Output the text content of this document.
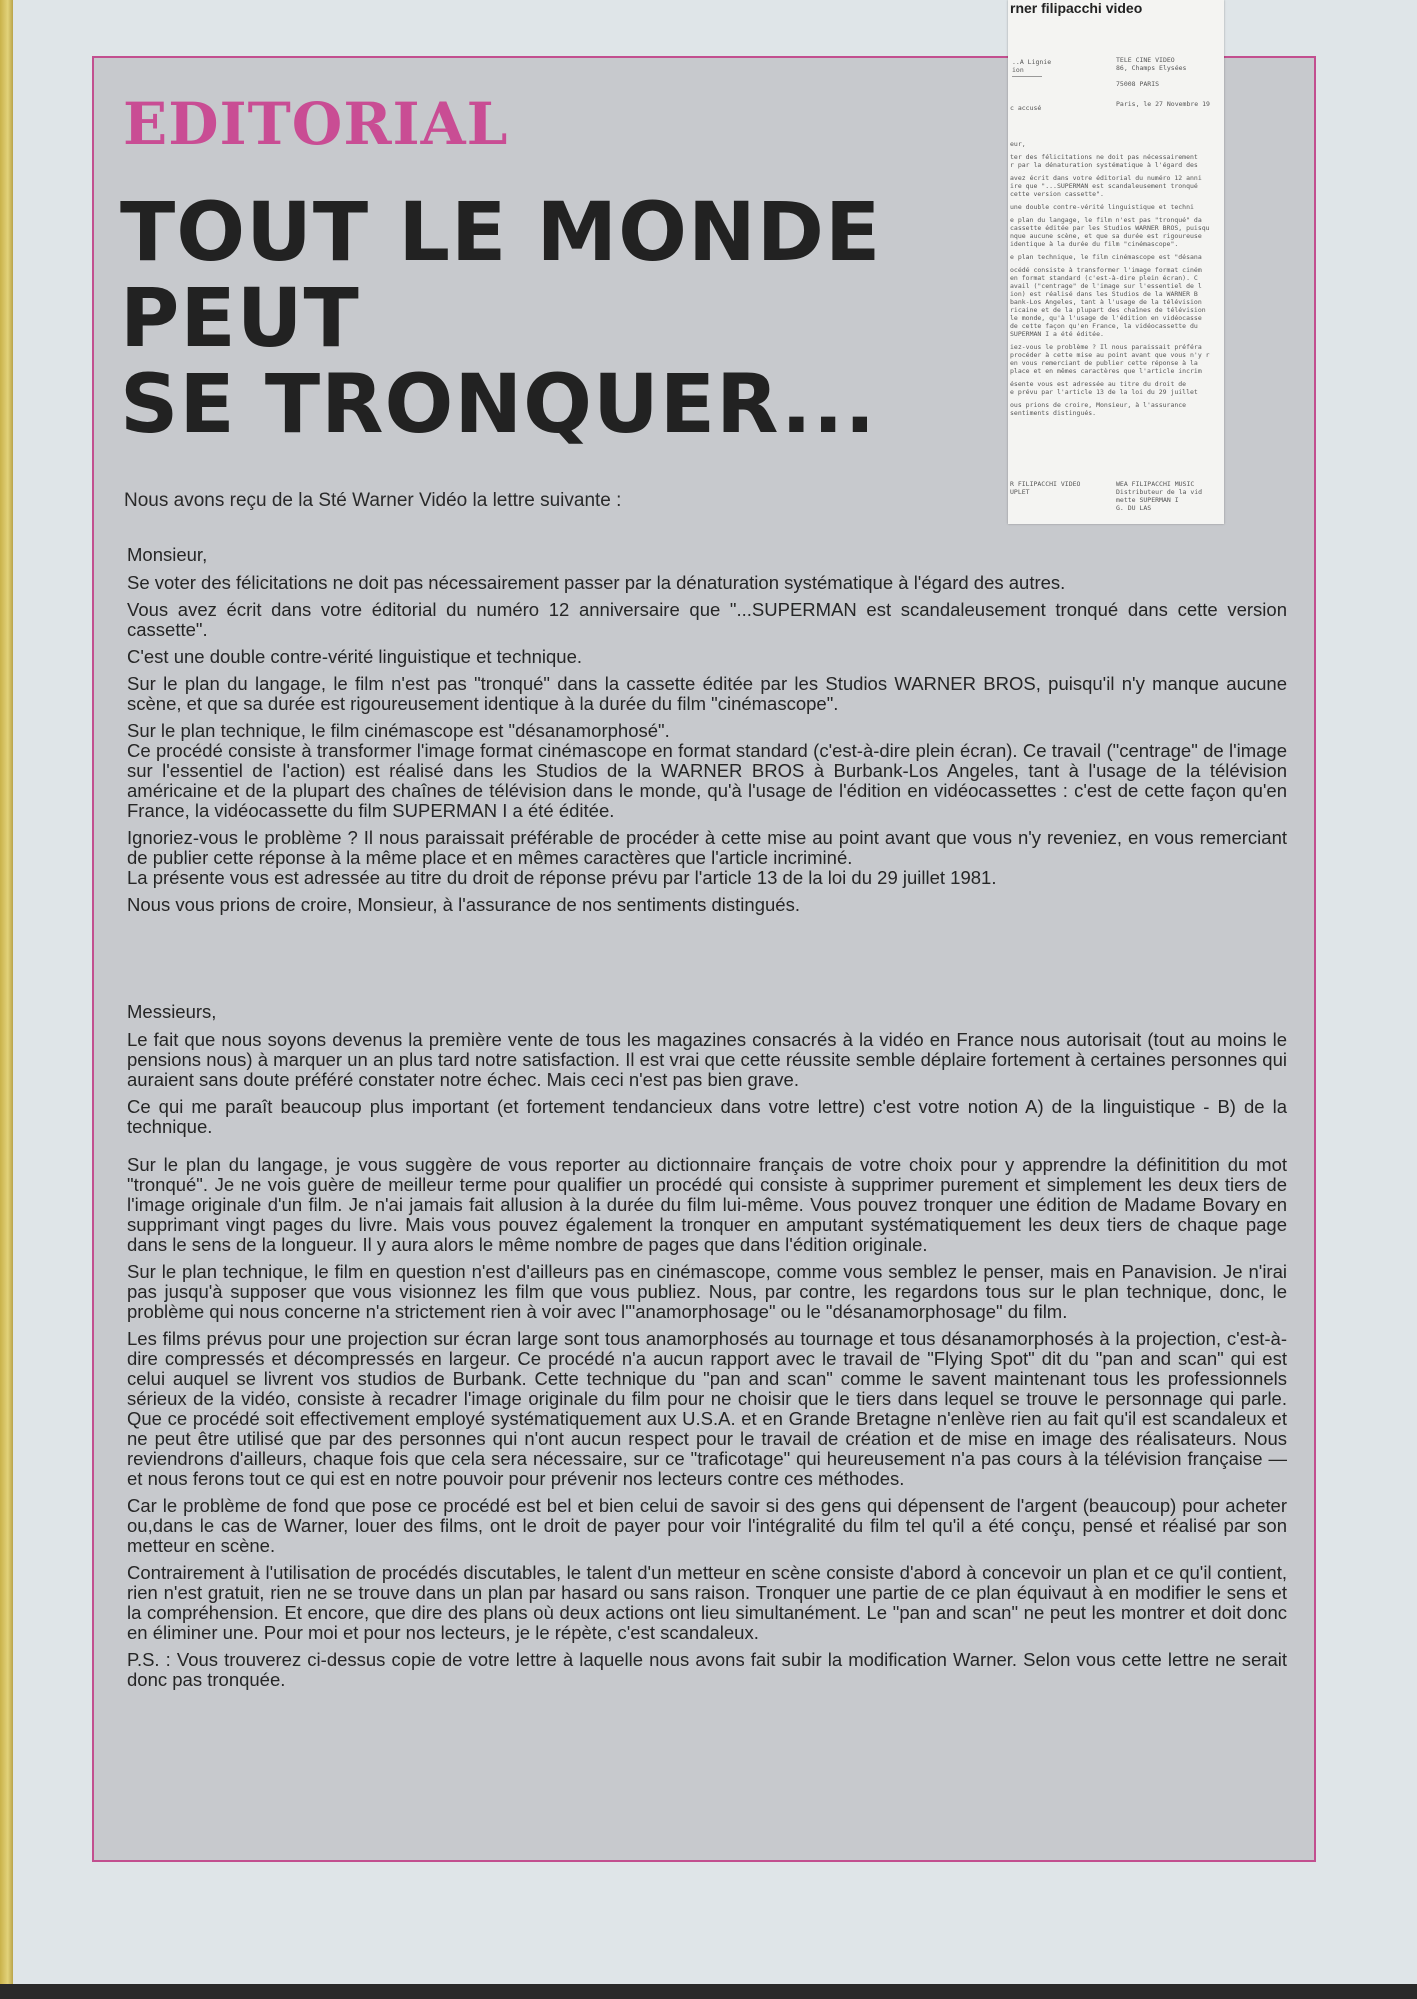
EDITORIAL
TOUT LE MONDE
PEUT
SE TRONQUER...
Nous avons reçu de la Sté Warner Vidéo la lettre suivante :

Monsieur,

Se voter des félicitations ne doit pas nécessairement passer par la dénaturation systématique à l'égard des autres.

Vous avez écrit dans votre éditorial du numéro 12 anniversaire que "...SUPERMAN est scandaleusement tronqué dans cette version cassette".

C'est une double contre-vérité linguistique et technique.

Sur le plan du langage, le film n'est pas "tronqué" dans la cassette éditée par les Studios WARNER BROS, puisqu'il n'y manque aucune scène, et que sa durée est rigoureusement identique à la durée du film "cinémascope".

Sur le plan technique, le film cinémascope est "désanamorphosé".

Ce procédé consiste à transformer l'image format cinémascope en format standard (c'est-à-dire plein écran). Ce travail ("centrage" de l'image sur l'essentiel de l'action) est réalisé dans les Studios de la WARNER BROS à Burbank-Los Angeles, tant à l'usage de la télévision américaine et de la plupart des chaînes de télévision dans le monde, qu'à l'usage de l'édition en vidéocassettes : c'est de cette façon qu'en France, la vidéocassette du film SUPERMAN I a été éditée.

Ignoriez-vous le problème ? Il nous paraissait préférable de procéder à cette mise au point avant que vous n'y reveniez, en vous remerciant de publier cette réponse à la même place et en mêmes caractères que l'article incriminé.

La présente vous est adressée au titre du droit de réponse prévu par l'article 13 de la loi du 29 juillet 1981.

Nous vous prions de croire, Monsieur, à l'assurance de nos sentiments distingués.

Messieurs,

Le fait que nous soyons devenus la première vente de tous les magazines consacrés à la vidéo en France nous autorisait (tout au moins le pensions nous) à marquer un an plus tard notre satisfaction. Il est vrai que cette réussite semble déplaire fortement à certaines personnes qui auraient sans doute préféré constater notre échec. Mais ceci n'est pas bien grave.

Ce qui me paraît beaucoup plus important (et fortement tendancieux dans votre lettre) c'est votre notion A) de la linguistique - B) de la technique.

Sur le plan du langage, je vous suggère de vous reporter au dictionnaire français de votre choix pour y apprendre la définitition du mot "tronqué". Je ne vois guère de meilleur terme pour qualifier un procédé qui consiste à supprimer purement et simplement les deux tiers de l'image originale d'un film. Je n'ai jamais fait allusion à la durée du film lui-même. Vous pouvez tronquer une édition de Madame Bovary en supprimant vingt pages du livre. Mais vous pouvez également la tronquer en amputant systématiquement les deux tiers de chaque page dans le sens de la longueur. Il y aura alors le même nombre de pages que dans l'édition originale.

Sur le plan technique, le film en question n'est d'ailleurs pas en cinémascope, comme vous semblez le penser, mais en Panavision. Je n'irai pas jusqu'à supposer que vous visionnez les film que vous publiez. Nous, par contre, les regardons tous sur le plan technique, donc, le problème qui nous concerne n'a strictement rien à voir avec l'"anamorphosage" ou le "désanamorphosage" du film.

Les films prévus pour une projection sur écran large sont tous anamorphosés au tournage et tous désanamorphosés à la projection, c'est-à-dire compressés et décompressés en largeur. Ce procédé n'a aucun rapport avec le travail de "Flying Spot" dit du "pan and scan" qui est celui auquel se livrent vos studios de Burbank. Cette technique du "pan and scan" comme le savent maintenant tous les professionnels sérieux de la vidéo, consiste à recadrer l'image originale du film pour ne choisir que le tiers dans lequel se trouve le personnage qui parle. Que ce procédé soit effectivement employé systématiquement aux U.S.A. et en Grande Bretagne n'enlève rien au fait qu'il est scandaleux et ne peut être utilisé que par des personnes qui n'ont aucun respect pour le travail de création et de mise en image des réalisateurs. Nous reviendrons d'ailleurs, chaque fois que cela sera nécessaire, sur ce "traficotage" qui heureusement n'a pas cours à la télévision française — et nous ferons tout ce qui est en notre pouvoir pour prévenir nos lecteurs contre ces méthodes.

Car le problème de fond que pose ce procédé est bel et bien celui de savoir si des gens qui dépensent de l'argent (beaucoup) pour acheter ou,dans le cas de Warner, louer des films, ont le droit de payer pour voir l'intégralité du film tel qu'il a été conçu, pensé et réalisé par son metteur en scène.

Contrairement à l'utilisation de procédés discutables, le talent d'un metteur en scène consiste d'abord à concevoir un plan et ce qu'il contient, rien n'est gratuit, rien ne se trouve dans un plan par hasard ou sans raison. Tronquer une partie de ce plan équivaut à en modifier le sens et la compréhension. Et encore, que dire des plans où deux actions ont lieu simultanément. Le "pan and scan" ne peut les montrer et doit donc en éliminer une. Pour moi et pour nos lecteurs, je le répète, c'est scandaleux.

P.S. : Vous trouverez ci-dessus copie de votre lettre à laquelle nous avons fait subir la modification Warner. Selon vous cette lettre ne serait donc pas tronquée.

rner filipacchi video
..A Lignie
ion
TELE CINE VIDEO
86, Champs Elysées

75008 PARIS
c accusé	Paris, le 27 Novembre 19
eur,
ter des félicitations ne doit pas nécessairement
r par la dénaturation systématique à l'égard des
avez écrit dans votre éditorial du numéro 12 anni
ire que "...SUPERMAN est scandaleusement tronqué
cette version cassette".
une double contre-vérité linguistique et techni
e plan du langage, le film n'est pas "tronqué" da
cassette éditée par les Studios WARNER BROS, puisqu
nque aucune scène, et que sa durée est rigoureuse
identique à la durée du film "cinémascope".
e plan technique, le film cinémascope est "désana
océdé consiste à transformer l'image format ciném
en format standard (c'est-à-dire plein écran). C
avail ("centrage" de l'image sur l'essentiel de l
ion) est réalisé dans les Studios de la WARNER B
bank-Los Angeles, tant à l'usage de la télévision
ricaine et de la plupart des chaînes de télévision
le monde, qu'à l'usage de l'édition en vidéocasse
de cette façon qu'en France, la vidéocassette du
SUPERMAN I a été éditée.
iez-vous le problème ? Il nous paraissait préféra
procéder à cette mise au point avant que vous n'y r
en vous remerciant de publier cette réponse à la
place et en mêmes caractères que l'article incrim
ésente vous est adressée au titre du droit de
e prévu par l'article 13 de la loi du 29 juillet
ous prions de croire, Monsieur, à l'assurance
sentiments distingués.
R FILIPACCHI VIDEO
UPLET
WEA FILIPACCHI MUSIC
Distributeur de la vid
mette SUPERMAN I
G. DU LAS
